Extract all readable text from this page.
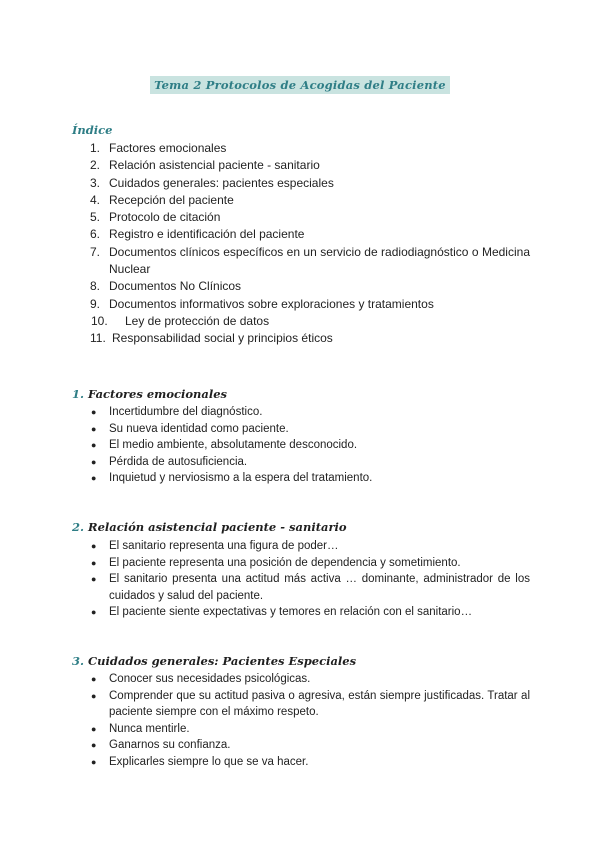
Tema 2 Protocolos de Acogidas del Paciente
Índice
1. Factores emocionales
2. Relación asistencial paciente - sanitario
3. Cuidados generales: pacientes especiales
4. Recepción del paciente
5. Protocolo de citación
6. Registro e identificación del paciente
7. Documentos clínicos específicos en un servicio de radiodiagnóstico o Medicina Nuclear
8. Documentos No Clínicos
9. Documentos informativos sobre exploraciones y tratamientos
10. Ley de protección de datos
11. Responsabilidad social y principios éticos
1. Factores emocionales
● Incertidumbre del diagnóstico.
● Su nueva identidad como paciente.
● El medio ambiente, absolutamente desconocido.
● Pérdida de autosuficiencia.
● Inquietud y nerviosismo a la espera del tratamiento.
2. Relación asistencial paciente - sanitario
● El sanitario representa una figura de poder…
● El paciente representa una posición de dependencia y sometimiento.
● El sanitario presenta una actitud más activa … dominante, administrador de los cuidados y salud del paciente.
● El paciente siente expectativas y temores en relación con el sanitario…
3. Cuidados generales: Pacientes Especiales
● Conocer sus necesidades psicológicas.
● Comprender que su actitud pasiva o agresiva, están siempre justificadas. Tratar al paciente siempre con el máximo respeto.
● Nunca mentirle.
● Ganarnos su confianza.
● Explicarles siempre lo que se va hacer.
